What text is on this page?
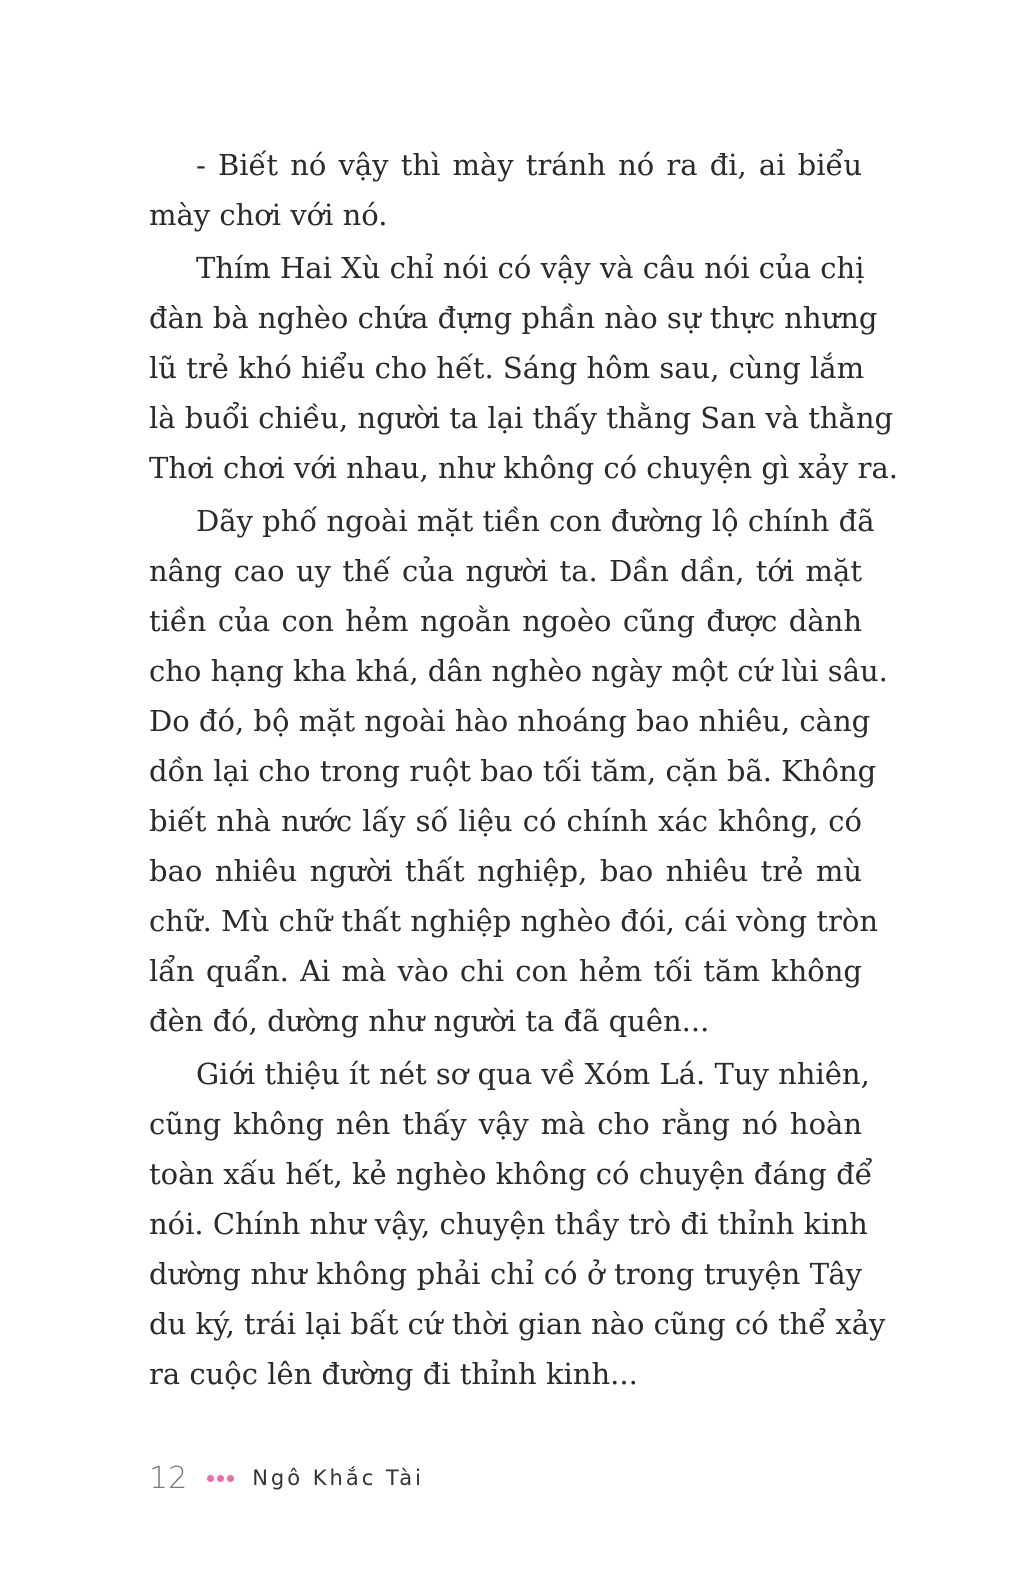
- Biết nó vậy thì mày tránh nó ra đi, ai biểu
mày chơi với nó.
Thím Hai Xù chỉ nói có vậy và câu nói của chị
đàn bà nghèo chứa đựng phần nào sự thực nhưng
lũ trẻ khó hiểu cho hết. Sáng hôm sau, cùng lắm
là buổi chiều, người ta lại thấy thằng San và thằng
Thơi chơi với nhau, như không có chuyện gì xảy ra.
Dãy phố ngoài mặt tiền con đường lộ chính đã
nâng cao uy thế của người ta. Dần dần, tới mặt
tiền của con hẻm ngoằn ngoèo cũng được dành
cho hạng kha khá, dân nghèo ngày một cứ lùi sâu.
Do đó, bộ mặt ngoài hào nhoáng bao nhiêu, càng
dồn lại cho trong ruột bao tối tăm, cặn bã. Không
biết nhà nước lấy số liệu có chính xác không, có
bao nhiêu người thất nghiệp, bao nhiêu trẻ mù
chữ. Mù chữ thất nghiệp nghèo đói, cái vòng tròn
lẩn quẩn. Ai mà vào chi con hẻm tối tăm không
đèn đó, dường như người ta đã quên...
Giới thiệu ít nét sơ qua về Xóm Lá. Tuy nhiên,
cũng không nên thấy vậy mà cho rằng nó hoàn
toàn xấu hết, kẻ nghèo không có chuyện đáng để
nói. Chính như vậy, chuyện thầy trò đi thỉnh kinh
dường như không phải chỉ có ở trong truyện Tây
du ký, trái lại bất cứ thời gian nào cũng có thể xảy
ra cuộc lên đường đi thỉnh kinh...
12	Ngô Khắc Tài
